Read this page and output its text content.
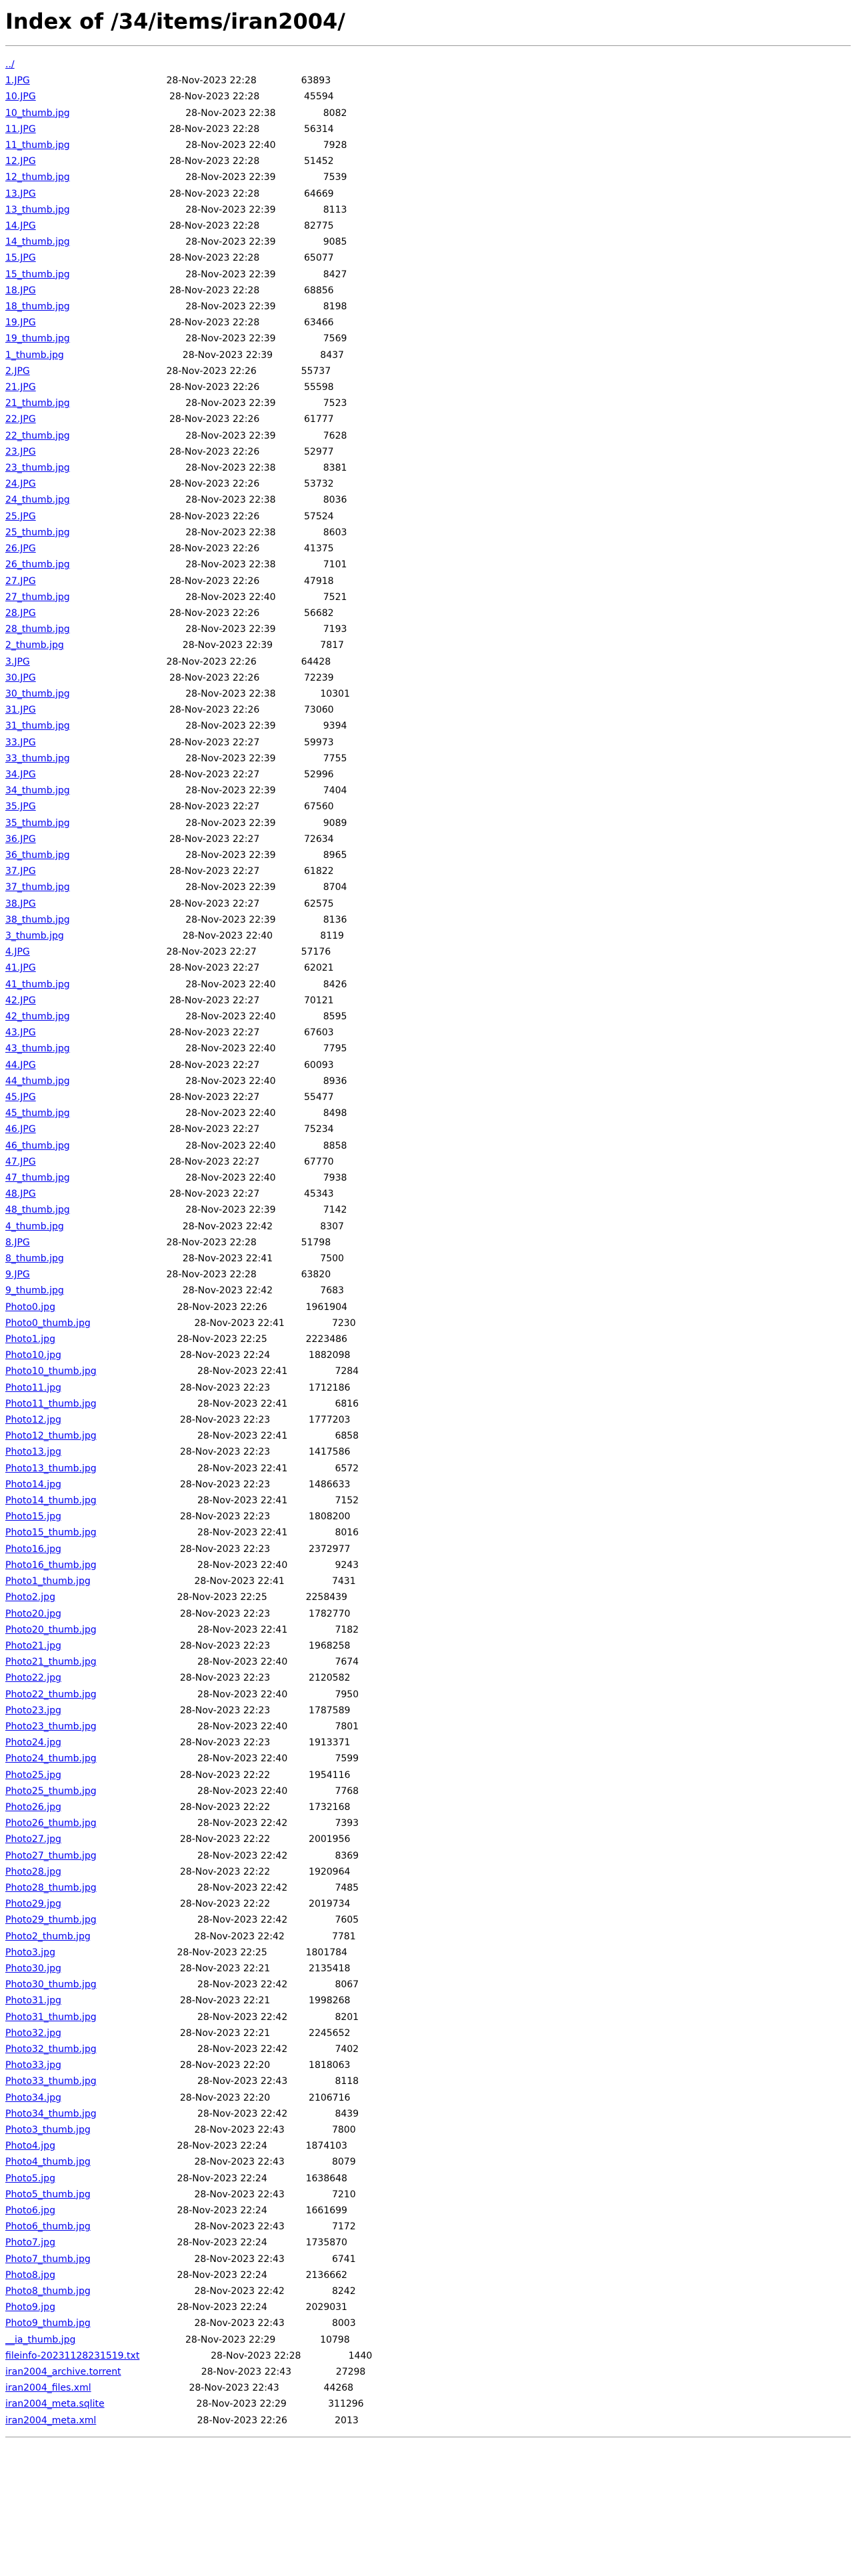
Index of /34/items/iran2004/
../
1.JPG	28-Nov-2023 22:28	63893
10.JPG	28-Nov-2023 22:28	45594
10_thumb.jpg	28-Nov-2023 22:38	8082
11.JPG	28-Nov-2023 22:28	56314
11_thumb.jpg	28-Nov-2023 22:40	7928
12.JPG	28-Nov-2023 22:28	51452
12_thumb.jpg	28-Nov-2023 22:39	7539
13.JPG	28-Nov-2023 22:28	64669
13_thumb.jpg	28-Nov-2023 22:39	8113
14.JPG	28-Nov-2023 22:28	82775
14_thumb.jpg	28-Nov-2023 22:39	9085
15.JPG	28-Nov-2023 22:28	65077
15_thumb.jpg	28-Nov-2023 22:39	8427
18.JPG	28-Nov-2023 22:28	68856
18_thumb.jpg	28-Nov-2023 22:39	8198
19.JPG	28-Nov-2023 22:28	63466
19_thumb.jpg	28-Nov-2023 22:39	7569
1_thumb.jpg	28-Nov-2023 22:39	8437
2.JPG	28-Nov-2023 22:26	55737
21.JPG	28-Nov-2023 22:26	55598
21_thumb.jpg	28-Nov-2023 22:39	7523
22.JPG	28-Nov-2023 22:26	61777
22_thumb.jpg	28-Nov-2023 22:39	7628
23.JPG	28-Nov-2023 22:26	52977
23_thumb.jpg	28-Nov-2023 22:38	8381
24.JPG	28-Nov-2023 22:26	53732
24_thumb.jpg	28-Nov-2023 22:38	8036
25.JPG	28-Nov-2023 22:26	57524
25_thumb.jpg	28-Nov-2023 22:38	8603
26.JPG	28-Nov-2023 22:26	41375
26_thumb.jpg	28-Nov-2023 22:38	7101
27.JPG	28-Nov-2023 22:26	47918
27_thumb.jpg	28-Nov-2023 22:40	7521
28.JPG	28-Nov-2023 22:26	56682
28_thumb.jpg	28-Nov-2023 22:39	7193
2_thumb.jpg	28-Nov-2023 22:39	7817
3.JPG	28-Nov-2023 22:26	64428
30.JPG	28-Nov-2023 22:26	72239
30_thumb.jpg	28-Nov-2023 22:38	10301
31.JPG	28-Nov-2023 22:26	73060
31_thumb.jpg	28-Nov-2023 22:39	9394
33.JPG	28-Nov-2023 22:27	59973
33_thumb.jpg	28-Nov-2023 22:39	7755
34.JPG	28-Nov-2023 22:27	52996
34_thumb.jpg	28-Nov-2023 22:39	7404
35.JPG	28-Nov-2023 22:27	67560
35_thumb.jpg	28-Nov-2023 22:39	9089
36.JPG	28-Nov-2023 22:27	72634
36_thumb.jpg	28-Nov-2023 22:39	8965
37.JPG	28-Nov-2023 22:27	61822
37_thumb.jpg	28-Nov-2023 22:39	8704
38.JPG	28-Nov-2023 22:27	62575
38_thumb.jpg	28-Nov-2023 22:39	8136
3_thumb.jpg	28-Nov-2023 22:40	8119
4.JPG	28-Nov-2023 22:27	57176
41.JPG	28-Nov-2023 22:27	62021
41_thumb.jpg	28-Nov-2023 22:40	8426
42.JPG	28-Nov-2023 22:27	70121
42_thumb.jpg	28-Nov-2023 22:40	8595
43.JPG	28-Nov-2023 22:27	67603
43_thumb.jpg	28-Nov-2023 22:40	7795
44.JPG	28-Nov-2023 22:27	60093
44_thumb.jpg	28-Nov-2023 22:40	8936
45.JPG	28-Nov-2023 22:27	55477
45_thumb.jpg	28-Nov-2023 22:40	8498
46.JPG	28-Nov-2023 22:27	75234
46_thumb.jpg	28-Nov-2023 22:40	8858
47.JPG	28-Nov-2023 22:27	67770
47_thumb.jpg	28-Nov-2023 22:40	7938
48.JPG	28-Nov-2023 22:27	45343
48_thumb.jpg	28-Nov-2023 22:39	7142
4_thumb.jpg	28-Nov-2023 22:42	8307
8.JPG	28-Nov-2023 22:28	51798
8_thumb.jpg	28-Nov-2023 22:41	7500
9.JPG	28-Nov-2023 22:28	63820
9_thumb.jpg	28-Nov-2023 22:42	7683
Photo0.jpg	28-Nov-2023 22:26	1961904
Photo0_thumb.jpg	28-Nov-2023 22:41	7230
Photo1.jpg	28-Nov-2023 22:25	2223486
Photo10.jpg	28-Nov-2023 22:24	1882098
Photo10_thumb.jpg	28-Nov-2023 22:41	7284
Photo11.jpg	28-Nov-2023 22:23	1712186
Photo11_thumb.jpg	28-Nov-2023 22:41	6816
Photo12.jpg	28-Nov-2023 22:23	1777203
Photo12_thumb.jpg	28-Nov-2023 22:41	6858
Photo13.jpg	28-Nov-2023 22:23	1417586
Photo13_thumb.jpg	28-Nov-2023 22:41	6572
Photo14.jpg	28-Nov-2023 22:23	1486633
Photo14_thumb.jpg	28-Nov-2023 22:41	7152
Photo15.jpg	28-Nov-2023 22:23	1808200
Photo15_thumb.jpg	28-Nov-2023 22:41	8016
Photo16.jpg	28-Nov-2023 22:23	2372977
Photo16_thumb.jpg	28-Nov-2023 22:40	9243
Photo1_thumb.jpg	28-Nov-2023 22:41	7431
Photo2.jpg	28-Nov-2023 22:25	2258439
Photo20.jpg	28-Nov-2023 22:23	1782770
Photo20_thumb.jpg	28-Nov-2023 22:41	7182
Photo21.jpg	28-Nov-2023 22:23	1968258
Photo21_thumb.jpg	28-Nov-2023 22:40	7674
Photo22.jpg	28-Nov-2023 22:23	2120582
Photo22_thumb.jpg	28-Nov-2023 22:40	7950
Photo23.jpg	28-Nov-2023 22:23	1787589
Photo23_thumb.jpg	28-Nov-2023 22:40	7801
Photo24.jpg	28-Nov-2023 22:23	1913371
Photo24_thumb.jpg	28-Nov-2023 22:40	7599
Photo25.jpg	28-Nov-2023 22:22	1954116
Photo25_thumb.jpg	28-Nov-2023 22:40	7768
Photo26.jpg	28-Nov-2023 22:22	1732168
Photo26_thumb.jpg	28-Nov-2023 22:42	7393
Photo27.jpg	28-Nov-2023 22:22	2001956
Photo27_thumb.jpg	28-Nov-2023 22:42	8369
Photo28.jpg	28-Nov-2023 22:22	1920964
Photo28_thumb.jpg	28-Nov-2023 22:42	7485
Photo29.jpg	28-Nov-2023 22:22	2019734
Photo29_thumb.jpg	28-Nov-2023 22:42	7605
Photo2_thumb.jpg	28-Nov-2023 22:42	7781
Photo3.jpg	28-Nov-2023 22:25	1801784
Photo30.jpg	28-Nov-2023 22:21	2135418
Photo30_thumb.jpg	28-Nov-2023 22:42	8067
Photo31.jpg	28-Nov-2023 22:21	1998268
Photo31_thumb.jpg	28-Nov-2023 22:42	8201
Photo32.jpg	28-Nov-2023 22:21	2245652
Photo32_thumb.jpg	28-Nov-2023 22:42	7402
Photo33.jpg	28-Nov-2023 22:20	1818063
Photo33_thumb.jpg	28-Nov-2023 22:43	8118
Photo34.jpg	28-Nov-2023 22:20	2106716
Photo34_thumb.jpg	28-Nov-2023 22:42	8439
Photo3_thumb.jpg	28-Nov-2023 22:43	7800
Photo4.jpg	28-Nov-2023 22:24	1874103
Photo4_thumb.jpg	28-Nov-2023 22:43	8079
Photo5.jpg	28-Nov-2023 22:24	1638648
Photo5_thumb.jpg	28-Nov-2023 22:43	7210
Photo6.jpg	28-Nov-2023 22:24	1661699
Photo6_thumb.jpg	28-Nov-2023 22:43	7172
Photo7.jpg	28-Nov-2023 22:24	1735870
Photo7_thumb.jpg	28-Nov-2023 22:43	6741
Photo8.jpg	28-Nov-2023 22:24	2136662
Photo8_thumb.jpg	28-Nov-2023 22:42	8242
Photo9.jpg	28-Nov-2023 22:24	2029031
Photo9_thumb.jpg	28-Nov-2023 22:43	8003
__ia_thumb.jpg	28-Nov-2023 22:29	10798
fileinfo-20231128231519.txt	28-Nov-2023 22:28	1440
iran2004_archive.torrent	28-Nov-2023 22:43	27298
iran2004_files.xml	28-Nov-2023 22:43	44268
iran2004_meta.sqlite	28-Nov-2023 22:29	311296
iran2004_meta.xml	28-Nov-2023 22:26	2013
